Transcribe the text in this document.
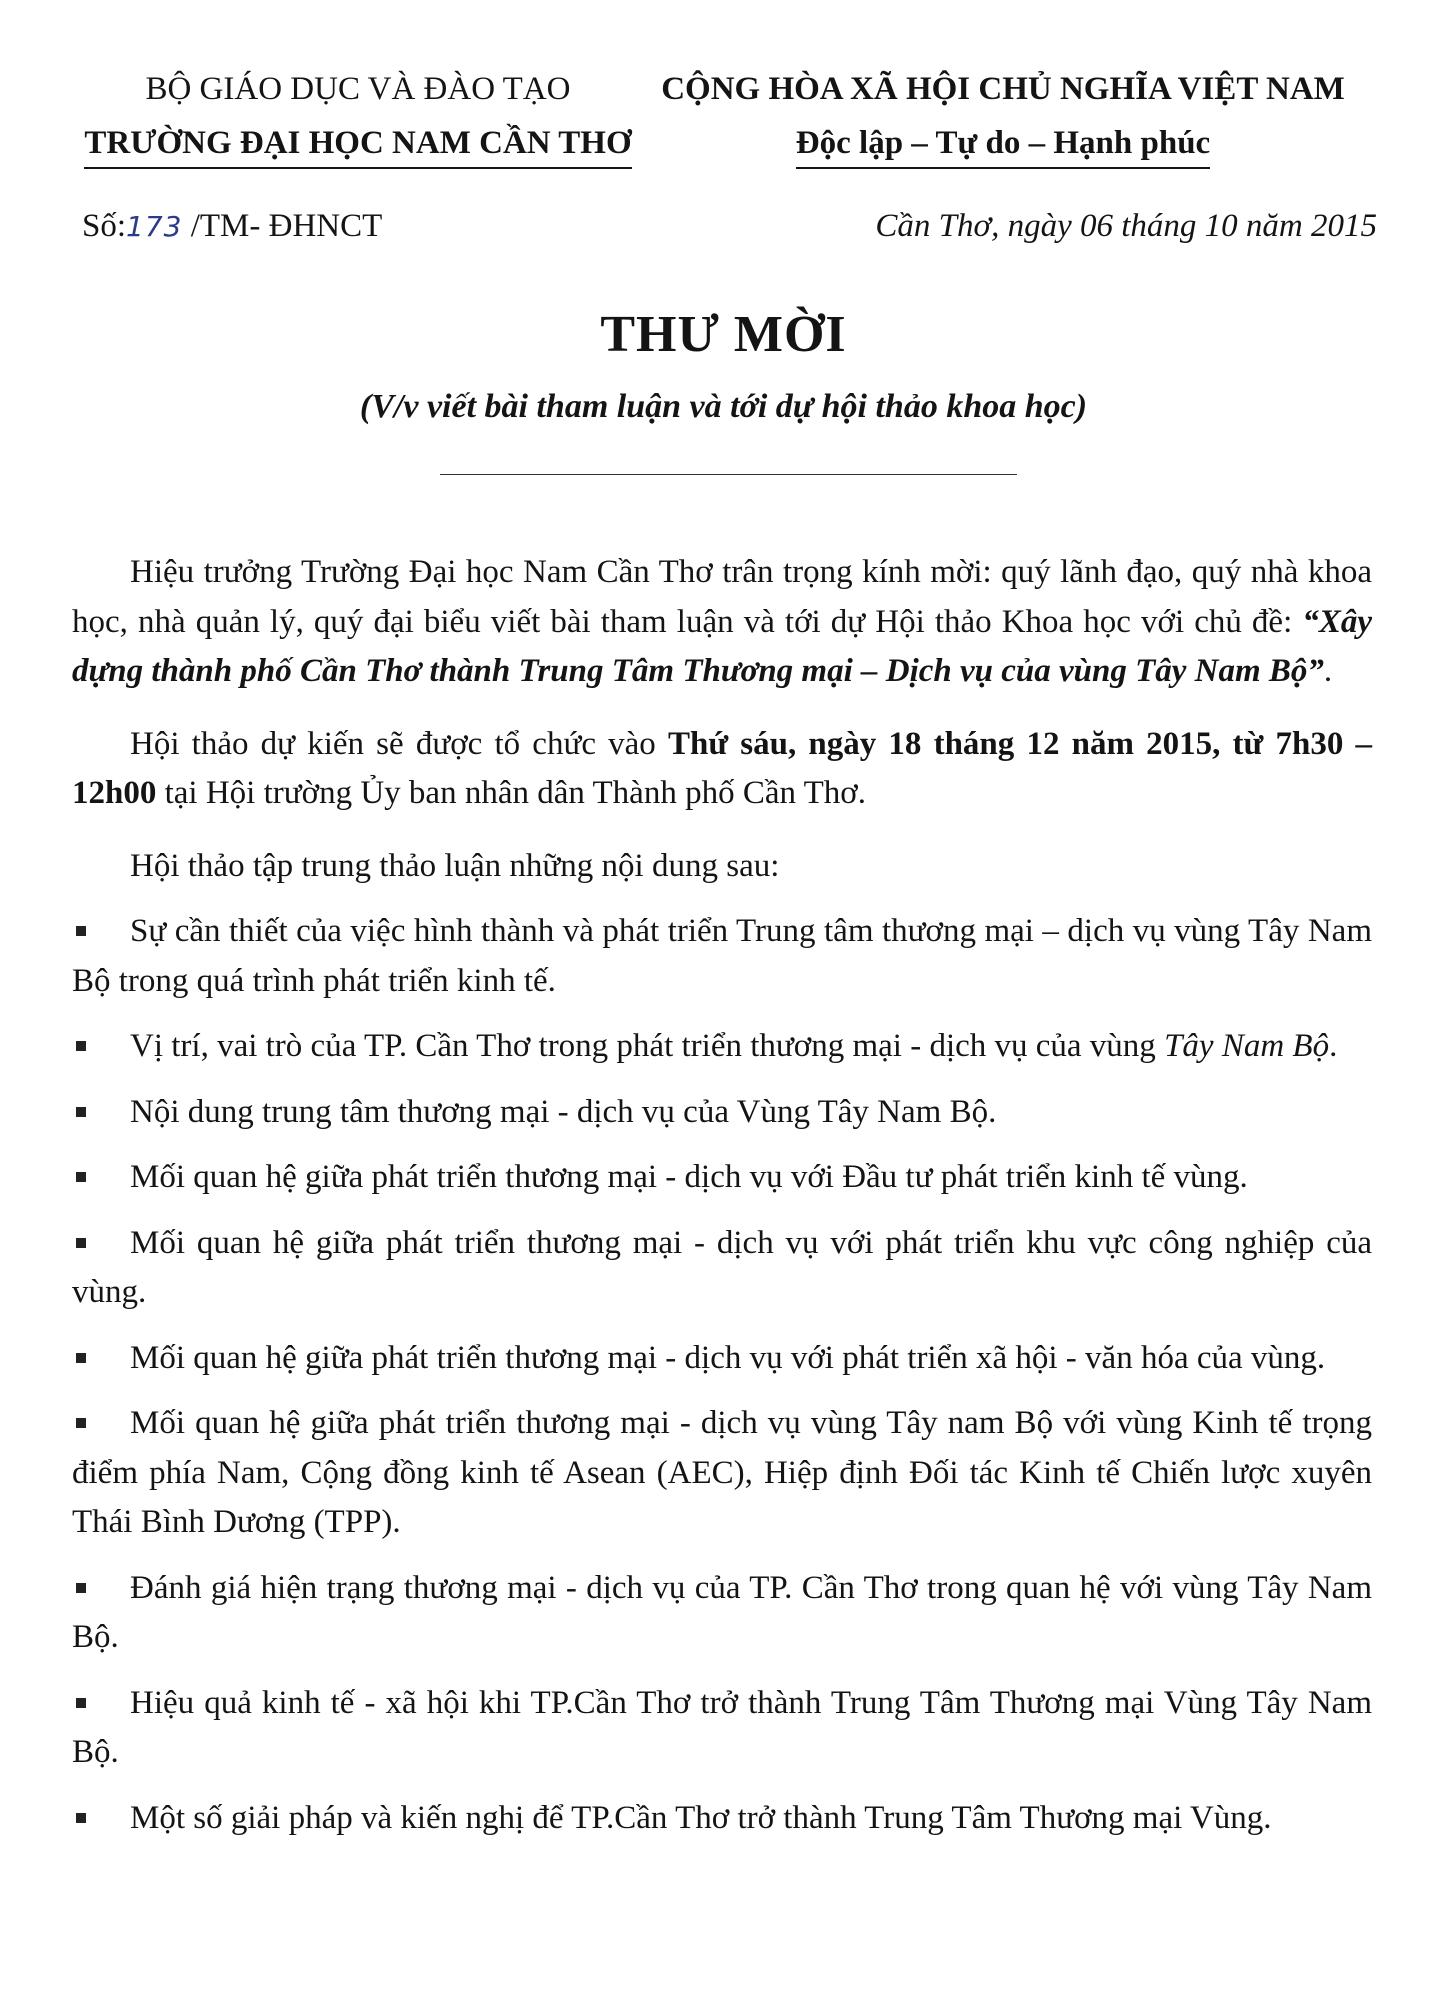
BỘ GIÁO DỤC VÀ ĐÀO TẠO
TRƯỜNG ĐẠI HỌC NAM CẦN THƠ
CỘNG HÒA XÃ HỘI CHỦ NGHĨA VIỆT NAM
Độc lập – Tự do – Hạnh phúc
Số:173 /TM- ĐHNCT	Cần Thơ, ngày 06 tháng 10 năm 2015
THƯ MỜI
(V/v viết bài tham luận và tới dự hội thảo khoa học)

Hiệu trưởng Trường Đại học Nam Cần Thơ trân trọng kính mời: quý lãnh đạo, quý nhà khoa học, nhà quản lý, quý đại biểu viết bài tham luận và tới dự Hội thảo Khoa học với chủ đề: “Xây dựng thành phố Cần Thơ thành Trung Tâm Thương mại – Dịch vụ của vùng Tây Nam Bộ”.

Hội thảo dự kiến sẽ được tổ chức vào Thứ sáu, ngày 18 tháng 12 năm 2015, từ 7h30 – 12h00 tại Hội trường Ủy ban nhân dân Thành phố Cần Thơ.

Hội thảo tập trung thảo luận những nội dung sau:

Sự cần thiết của việc hình thành và phát triển Trung tâm thương mại – dịch vụ vùng Tây Nam Bộ trong quá trình phát triển kinh tế.
Vị trí, vai trò của TP. Cần Thơ trong phát triển thương mại - dịch vụ của vùng Tây Nam Bộ.
Nội dung trung tâm thương mại - dịch vụ của Vùng Tây Nam Bộ.
Mối quan hệ giữa phát triển thương mại - dịch vụ với Đầu tư phát triển kinh tế vùng.
Mối quan hệ giữa phát triển thương mại - dịch vụ với phát triển khu vực công nghiệp của vùng.
Mối quan hệ giữa phát triển thương mại - dịch vụ với phát triển xã hội - văn hóa của vùng.
Mối quan hệ giữa phát triển thương mại - dịch vụ vùng Tây nam Bộ với vùng Kinh tế trọng điểm phía Nam, Cộng đồng kinh tế Asean (AEC), Hiệp định Đối tác Kinh tế Chiến lược xuyên Thái Bình Dương (TPP).
Đánh giá hiện trạng thương mại - dịch vụ của TP. Cần Thơ trong quan hệ với vùng Tây Nam Bộ.
Hiệu quả kinh tế - xã hội khi TP.Cần Thơ trở thành Trung Tâm Thương mại Vùng Tây Nam Bộ.
Một số giải pháp và kiến nghị để TP.Cần Thơ trở thành Trung Tâm Thương mại Vùng.
